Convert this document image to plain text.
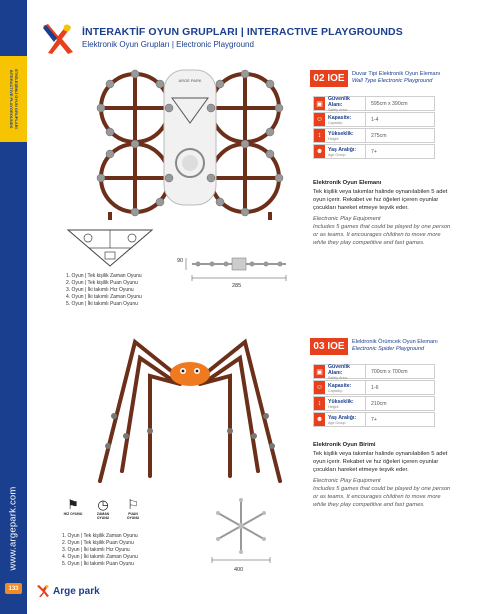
ETKİLEŞİMLİ OYUN GRUPLARI
INTERACTIVE PLAYGROUNDS
www.argepark.com
133
İNTERAKTİF OYUN GRUPLARI | INTERACTIVE PLAYGROUNDS
Elektronik Oyun Grupları | Electronic Playground
ARGE PARK	02 IOE	Duvar Tipi Elektronik Oyun Elemanı
Wall Type Electronic Playground
▣
Güvenlik Alanı:
Safety Area:
595cm x 390cm
☺ Kapasite:
Capacity:	1-4
↕	Yükseklik:
Height:	275cm
☻ Yaş Aralığı:
Age Group:	7+
Elektronik Oyun Elemanı
Tek kişilik veya takımlar halinde oynanılabilen 5 adet oyun içerir. Rekabet ve hız öğeleri içeren oyunlar çocukları hareket etmeye teşvik eder.
Electronic Play Equipment
Includes 5 games that could be played by one person or as teams. It encourages children to move more while they play competitive and fast games.
1. Oyun | Tek kişilik Zaman Oyunu
2. Oyun | Tek kişilik Puan Oyunu
3. Oyun | İki takımlı Hız Oyunu
4. Oyun | İki takımlı Zaman Oyunu
5. Oyun | İki takımlı Puan Oyunu
90
285
03 IOE	Elektronik Örümcek Oyun Elemanı
Electronic Spider Playground
▣
Güvenlik Alanı:
Safety Area:
700cm x 700cm
☺ Kapasite:
Capacity:	1-6
↕	Yükseklik:
Height:	210cm
☻ Yaş Aralığı:
Age Group:	7+
Elektronik Oyun Birimi
Tek kişilik veya takımlar halinde oynanılabilen 5 adet oyun içerir. Rekabet ve hız öğeleri içeren oyunlar çocukları hareket etmeye teşvik eder.
Electronic Play Equipment
Includes 5 games that could be played by one person or as teams. It encourages children to move more while they play competitive and fast games.
⚑
HIZ OYUNU
◷
ZAMAN OYUNU
⚐
PUAN OYUNU
1. Oyun | Tek kişilik Zaman Oyunu
2. Oyun | Tek kişilik Puan Oyunu
3. Oyun | İki takımlı Hız Oyunu
4. Oyun | İki takımlı Zaman Oyunu
5. Oyun | İki takımlı Puan Oyunu
400
Arge park
